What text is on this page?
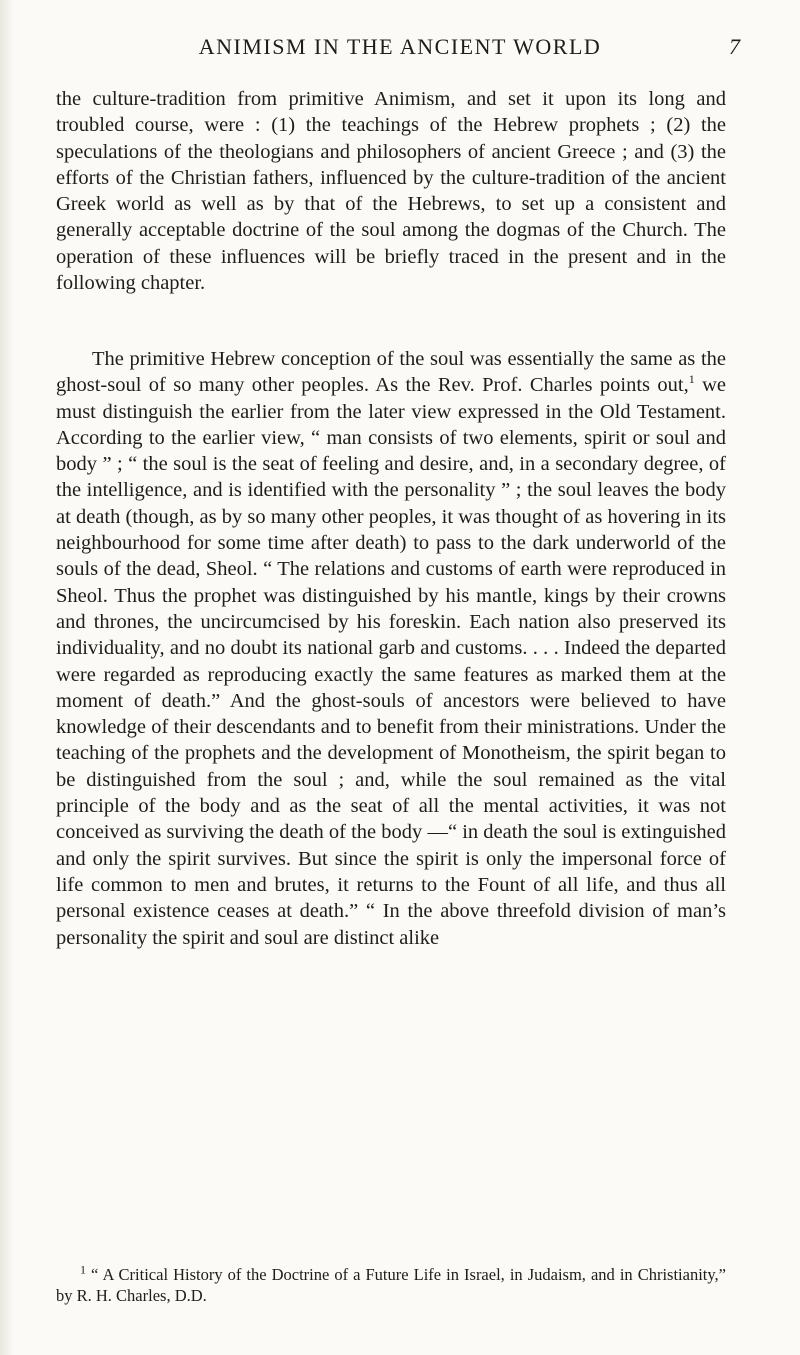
ANIMISM IN THE ANCIENT WORLD	7

the culture-tradition from primitive Animism, and set it upon its long and troubled course, were : (1) the teachings of the Hebrew prophets ; (2) the speculations of the theologians and philosophers of ancient Greece ; and (3) the efforts of the Christian fathers, influenced by the culture-tradition of the ancient Greek world as well as by that of the Hebrews, to set up a consistent and generally acceptable doctrine of the soul among the dogmas of the Church. The operation of these influences will be briefly traced in the present and in the following chapter.

The primitive Hebrew conception of the soul was essentially the same as the ghost-soul of so many other peoples. As the Rev. Prof. Charles points out,$^1$ we must distinguish the earlier from the later view expressed in the Old Testament. According to the earlier view, “ man consists of two elements, spirit or soul and body ” ; “ the soul is the seat of feeling and desire, and, in a secondary degree, of the intelligence, and is identified with the personality ” ; the soul leaves the body at death (though, as by so many other peoples, it was thought of as hovering in its neighbourhood for some time after death) to pass to the dark underworld of the souls of the dead, Sheol. “ The relations and customs of earth were reproduced in Sheol. Thus the prophet was distinguished by his mantle, kings by their crowns and thrones, the uncircumcised by his foreskin. Each nation also preserved its individuality, and no doubt its national garb and customs. . . . Indeed the departed were regarded as reproducing exactly the same features as marked them at the moment of death.” And the ghost-souls of ancestors were believed to have knowledge of their descendants and to benefit from their ministrations. Under the teaching of the prophets and the development of Monotheism, the spirit began to be distinguished from the soul ; and, while the soul remained as the vital principle of the body and as the seat of all the mental activities, it was not conceived as surviving the death of the body —“ in death the soul is extinguished and only the spirit survives. But since the spirit is only the impersonal force of life common to men and brutes, it returns to the Fount of all life, and thus all personal existence ceases at death.” “ In the above threefold division of man’s personality the spirit and soul are distinct alike

$^1$ “ A Critical History of the Doctrine of a Future Life in Israel, in Judaism, and in Christianity,” by R. H. Charles, D.D.
